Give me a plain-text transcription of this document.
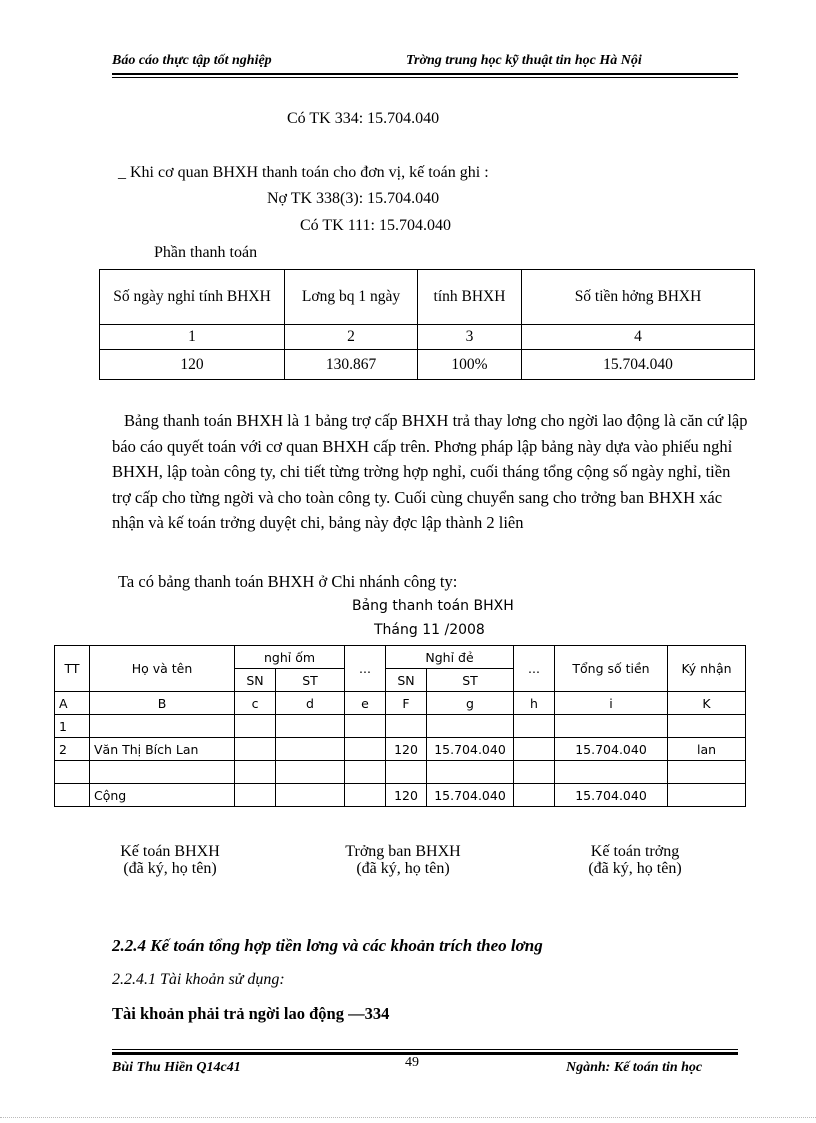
Báo cáo thực tập tốt nghiệp	Trờng trung học kỹ thuật tin học Hà Nội
Có TK 334: 15.704.040
_ Khi cơ quan BHXH thanh toán cho đơn vị, kế toán ghi :
Nợ TK 338(3): 15.704.040
Có TK 111: 15.704.040
Phần thanh toán
Số ngày nghỉ tính BHXH	Lơng bq 1 ngày	tính BHXH	Số tiền hởng BHXH
1	2	3	4
120	130.867	100%	15.704.040
Bảng thanh toán BHXH là 1 bảng trợ cấp BHXH trả thay lơng cho ngời lao động là căn cứ lập báo cáo quyết toán với cơ quan BHXH cấp trên. Phơng pháp lập bảng này dựa vào phiếu nghỉ BHXH, lập toàn công ty, chi tiết từng trờng hợp nghỉ, cuối tháng tổng cộng số ngày nghỉ, tiền trợ cấp cho từng ngời và cho toàn công ty. Cuối cùng chuyển sang cho trởng ban BHXH xác nhận và kế toán trởng duyệt chi, bảng này đợc lập thành 2 liên
Ta có bảng thanh toán BHXH ở Chi nhánh công ty:
Bảng thanh toán BHXH
Tháng 11 /2008
TT	Họ và tên	nghỉ ốm		...	Nghỉ đẻ		...	Tổng số tiền	Ký nhận
		SN	ST		SN	ST			
A	B	c	d	e	F	g	h	i	K
1									
2	Văn Thị Bích Lan				120	15.704.040		15.704.040	lan

	Cộng				120	15.704.040		15.704.040	
Kế toán BHXH
(đã ký, họ tên)
Trởng ban BHXH
(đã ký, họ tên)
Kế toán trởng
(đã ký, họ tên)
2.2.4 Kế toán tổng hợp tiền lơng và các khoản trích theo lơng
2.2.4.1 Tài khoản sử dụng:
Tài khoản phải trả ngời lao động —334
Bùi Thu Hiền Q14c41	49	Ngành: Kế toán tin học
